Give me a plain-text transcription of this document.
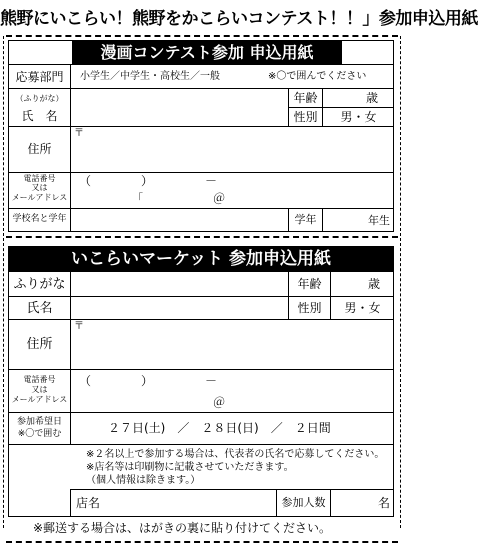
熊野にいこらい！熊野をかこらいコンテスト！！」参加申込用紙
漫画コンテスト参加 申込用紙
応募部門	小学生／中学生・高校生／一般	※〇で囲んでください
（ふりがな）
氏　名
年齢	歳
性別	男・女
住所
〒
電話番号
又は
メールアドレス
（	）	－
「	＠
学校名と学年	学年	年生
いこらいマーケット 参加申込用紙
ふりがな
氏名
年齢	歳
性別	男・女
住所
〒
電話番号
又は
メールアドレス
（	）	－
＠
参加希望日
※〇で囲む	２７日(土)　／　２８日(日)　／　２日間
※２名以上で参加する場合は、代表者の氏名で応募してください。
※店名等は印刷物に記載させていただきます。
（個人情報は除きます。）
店名	参加人数	名
※郵送する場合は、はがきの裏に貼り付けてください。
